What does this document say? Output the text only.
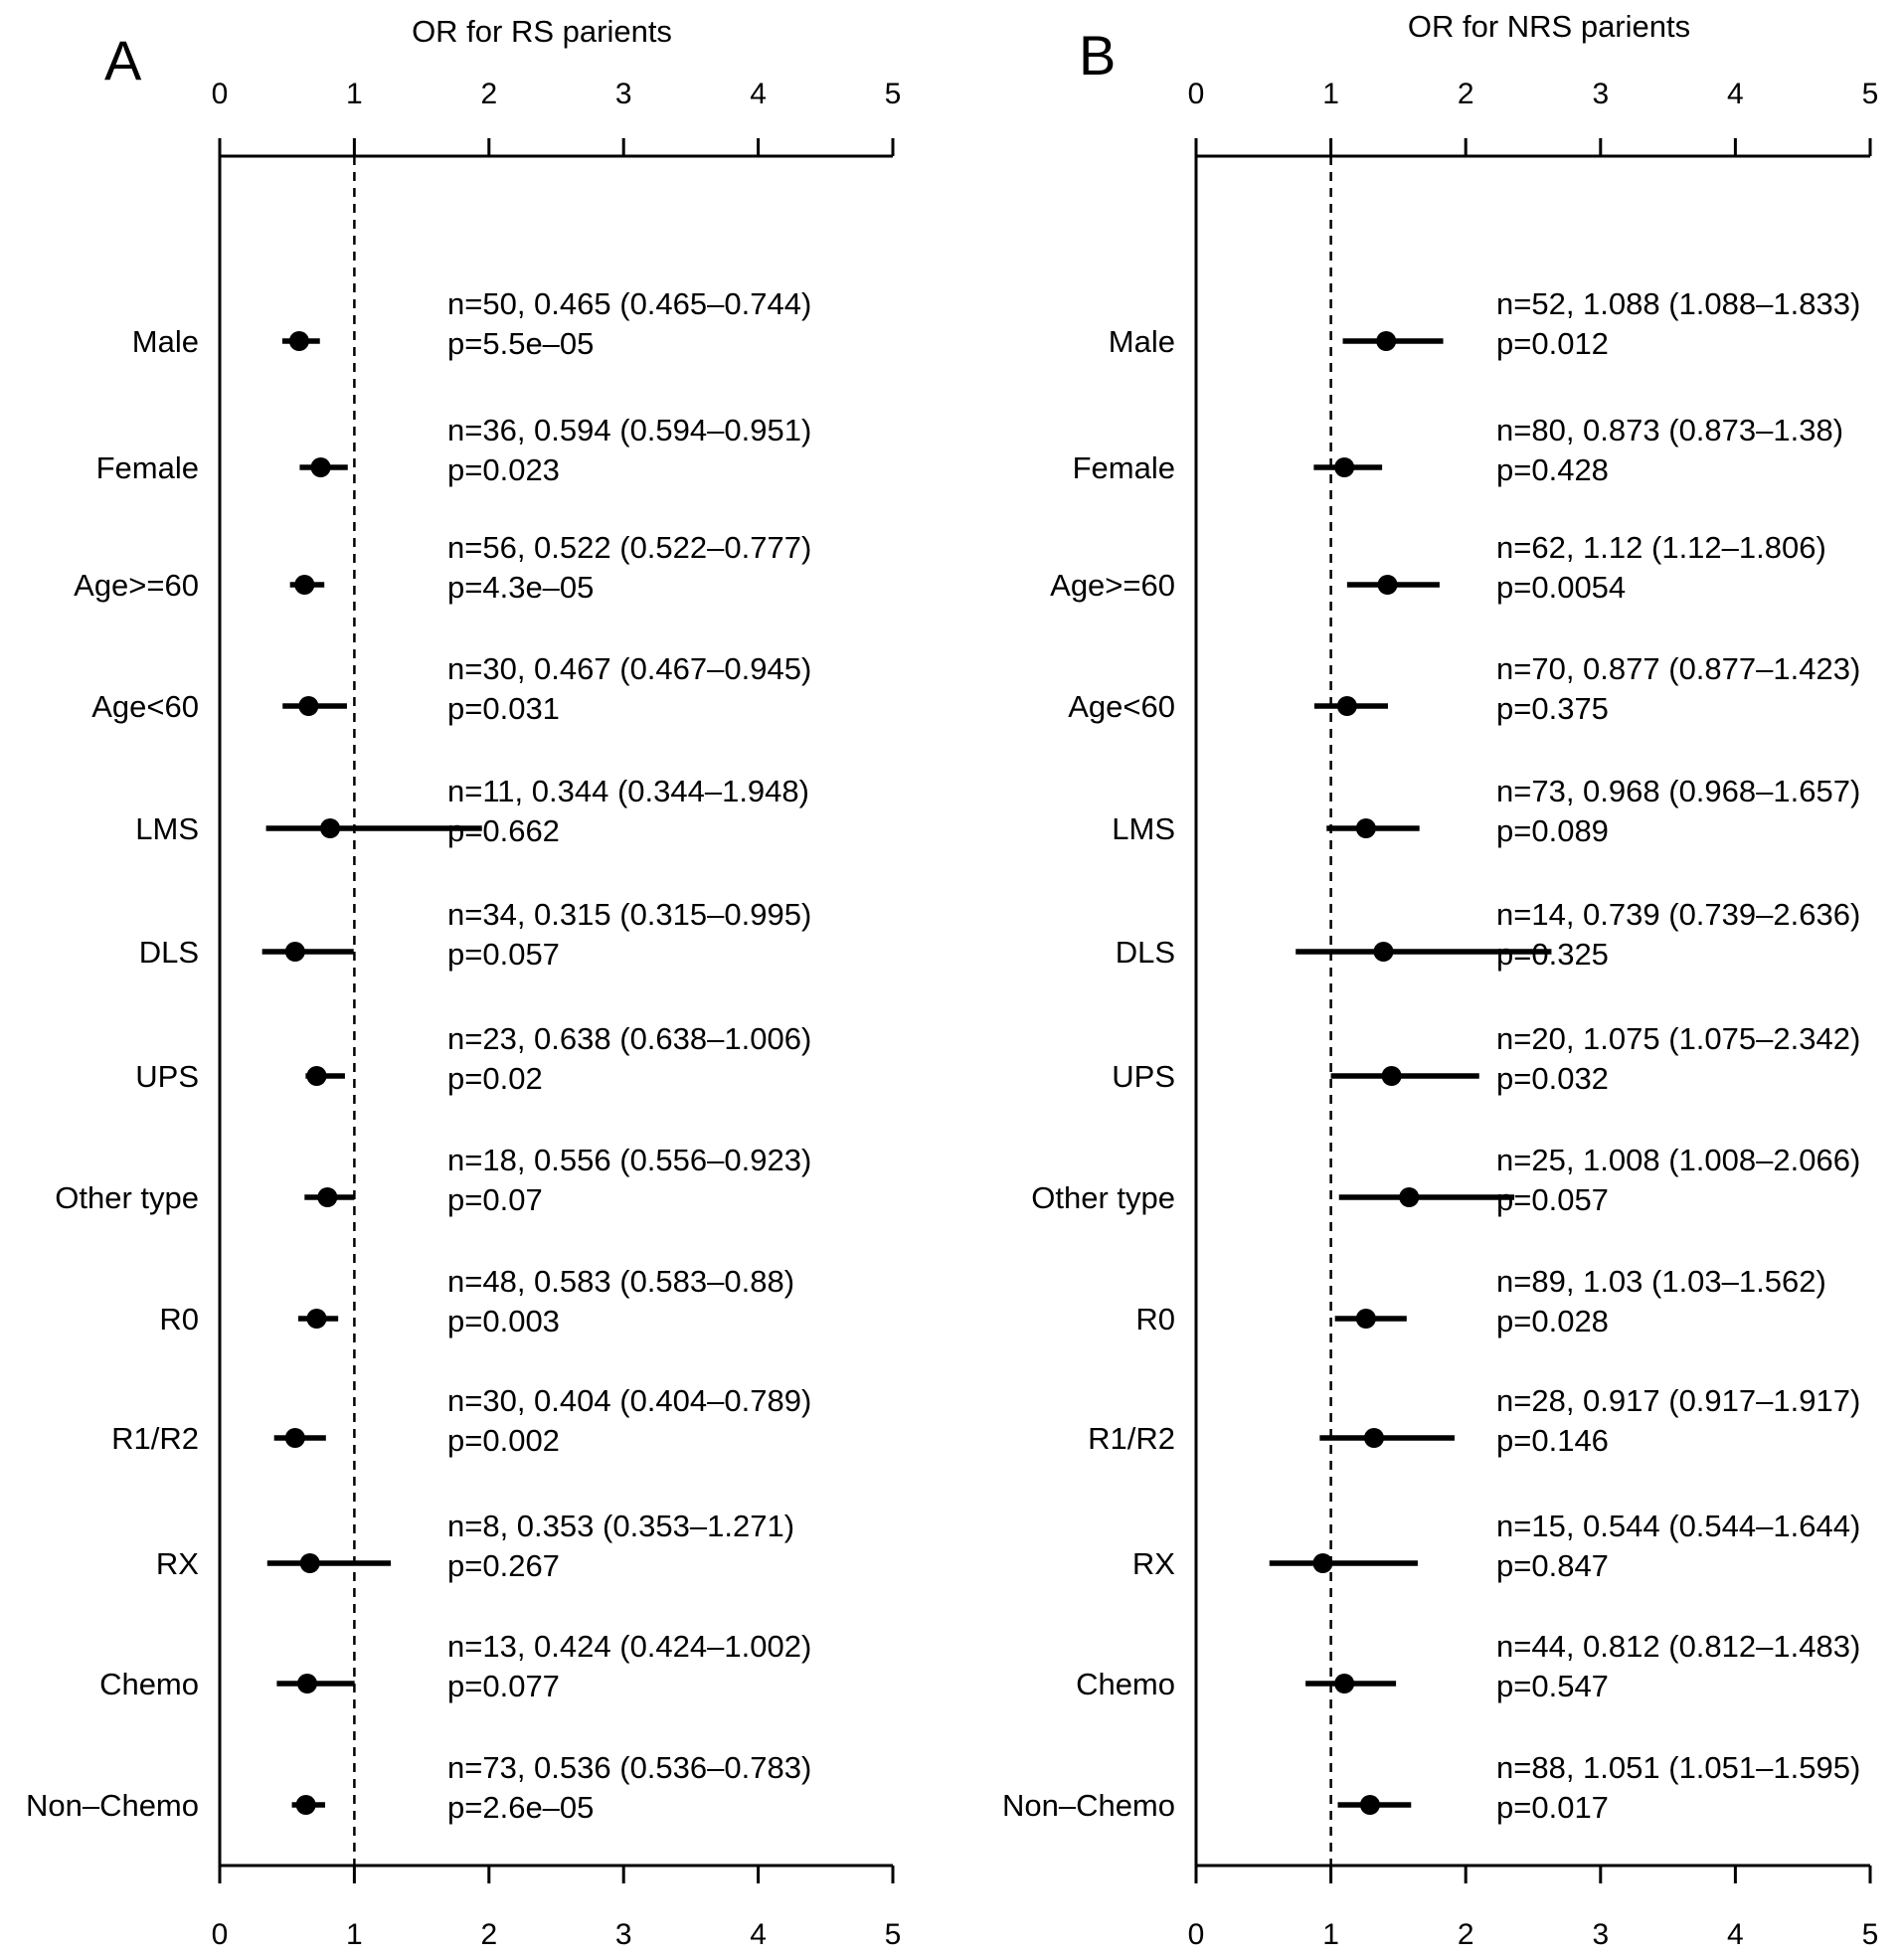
A	OR for RS parients
0
0
1
1
2
2
3
3
4
4
5
5
Male
n=50, 0.465 (0.465–0.744)
p=5.5e–05
Female
n=36, 0.594 (0.594–0.951)
p=0.023
Age>=60
n=56, 0.522 (0.522–0.777)
p=4.3e–05
Age<60
n=30, 0.467 (0.467–0.945)
p=0.031
LMS
n=11, 0.344 (0.344–1.948)
p=0.662
DLS
n=34, 0.315 (0.315–0.995)
p=0.057
UPS
n=23, 0.638 (0.638–1.006)
p=0.02
Other type
n=18, 0.556 (0.556–0.923)
p=0.07
R0
n=48, 0.583 (0.583–0.88)
p=0.003
R1/R2
n=30, 0.404 (0.404–0.789)
p=0.002
RX
n=8, 0.353 (0.353–1.271)
p=0.267
Chemo
n=13, 0.424 (0.424–1.002)
p=0.077
Non–Chemo
n=73, 0.536 (0.536–0.783)
p=2.6e–05
B	OR for NRS parients
0
0
1
1
2
2
3
3
4
4
5
5
Male
n=52, 1.088 (1.088–1.833)
p=0.012
Female
n=80, 0.873 (0.873–1.38)
p=0.428
Age>=60
n=62, 1.12 (1.12–1.806)
p=0.0054
Age<60
n=70, 0.877 (0.877–1.423)
p=0.375
LMS
n=73, 0.968 (0.968–1.657)
p=0.089
DLS
n=14, 0.739 (0.739–2.636)
p=0.325
UPS
n=20, 1.075 (1.075–2.342)
p=0.032
Other type
n=25, 1.008 (1.008–2.066)
p=0.057
R0
n=89, 1.03 (1.03–1.562)
p=0.028
R1/R2
n=28, 0.917 (0.917–1.917)
p=0.146
RX
n=15, 0.544 (0.544–1.644)
p=0.847
Chemo
n=44, 0.812 (0.812–1.483)
p=0.547
Non–Chemo
n=88, 1.051 (1.051–1.595)
p=0.017
